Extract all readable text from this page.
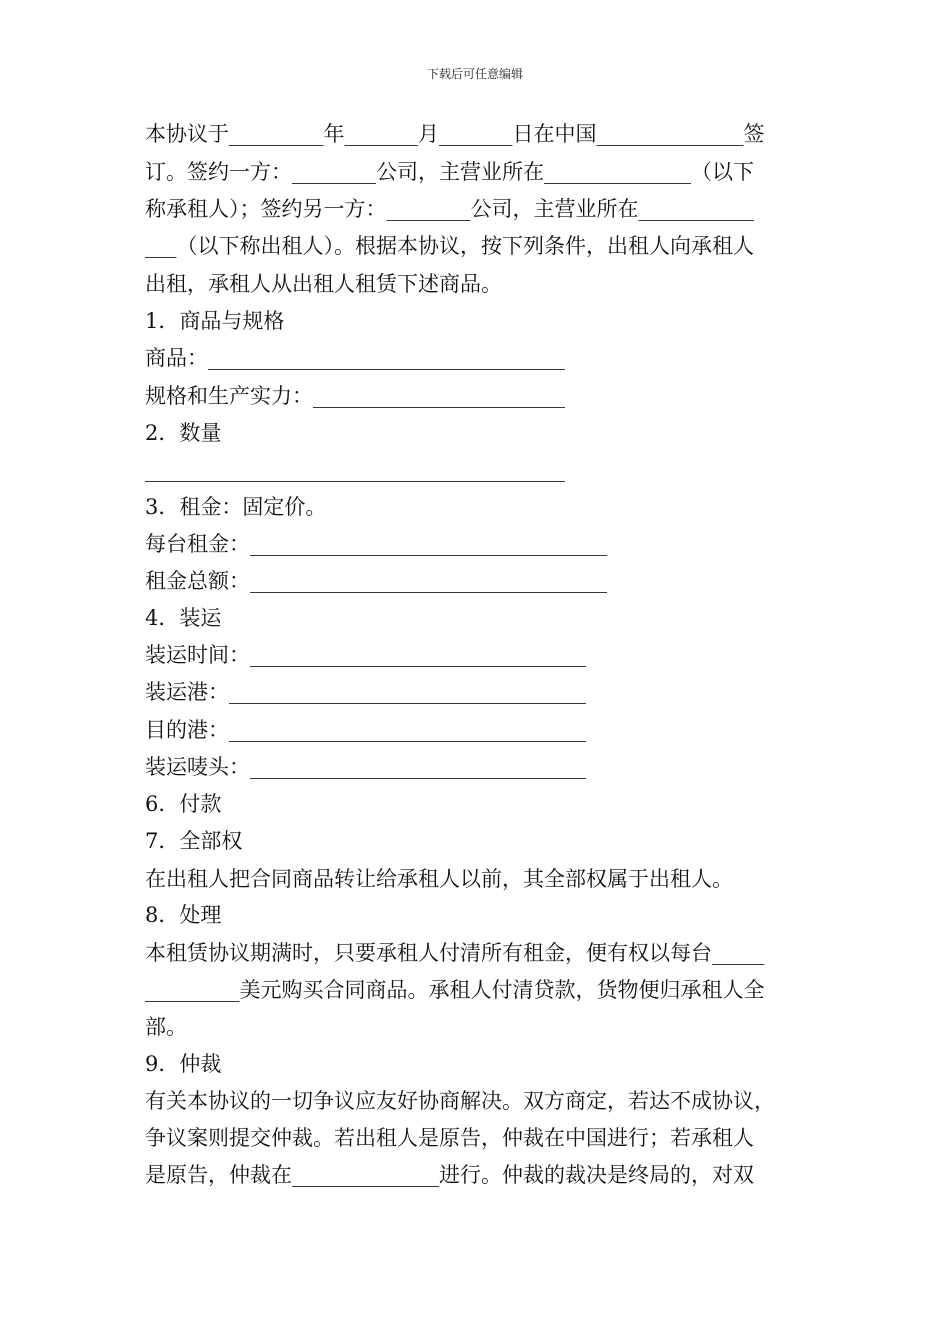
下载后可任意编辑
本协议于_________年_______月_______日在中国______________签
订。签约一方：________公司，主营业所在______________（以下
称承租人）；签约另一方：________公司，主营业所在___________
___（以下称出租人）。根据本协议，按下列条件，出租人向承租人
出租，承租人从出租人租赁下述商品。
1．商品与规格
商品：__________________________________
规格和生产实力：________________________
2．数量
________________________________________
3．租金：固定价。
每台租金：__________________________________
租金总额：__________________________________
4．装运
装运时间：________________________________
装运港：__________________________________
目的港：__________________________________
装运唛头：________________________________
6．付款
7．全部权
在出租人把合同商品转让给承租人以前，其全部权属于出租人。
8．处理
本租赁协议期满时，只要承租人付清所有租金，便有权以每台_____
_________美元购买合同商品。承租人付清贷款，货物便归承租人全
部。
9．仲裁
有关本协议的一切争议应友好协商解决。双方商定，若达不成协议，
争议案则提交仲裁。若出租人是原告，仲裁在中国进行；若承租人
是原告，仲裁在______________进行。仲裁的裁决是终局的，对双
